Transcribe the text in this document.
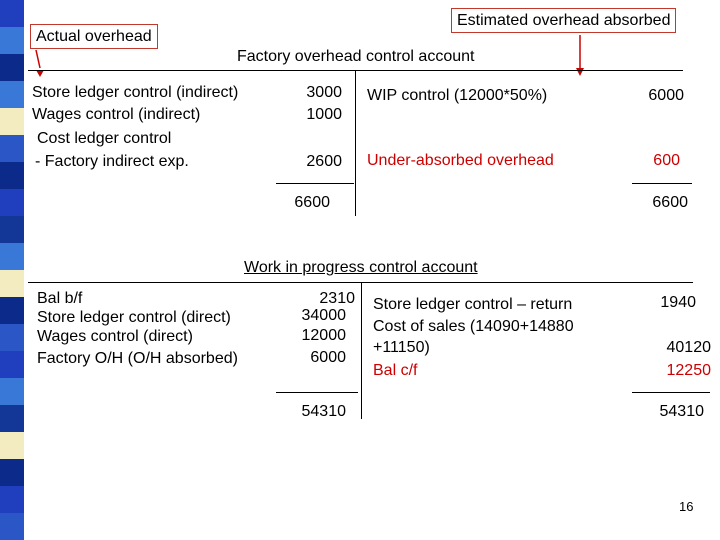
Actual overhead
Estimated overhead absorbed
Factory overhead control account
Store ledger control (indirect)	3000
Wages control (indirect)	1000
Cost ledger control
- Factory indirect exp.	2600
WIP control (12000*50%)	6000
Under-absorbed overhead	600
6600	6600
Work in progress control account
Bal b/f	2310
Store ledger control (direct)	34000
Wages control (direct)	12000
Factory O/H (O/H absorbed)	6000
Store ledger control – return	1940
Cost of sales (14090+14880
+11150)	40120
Bal c/f	12250
54310	54310
16
